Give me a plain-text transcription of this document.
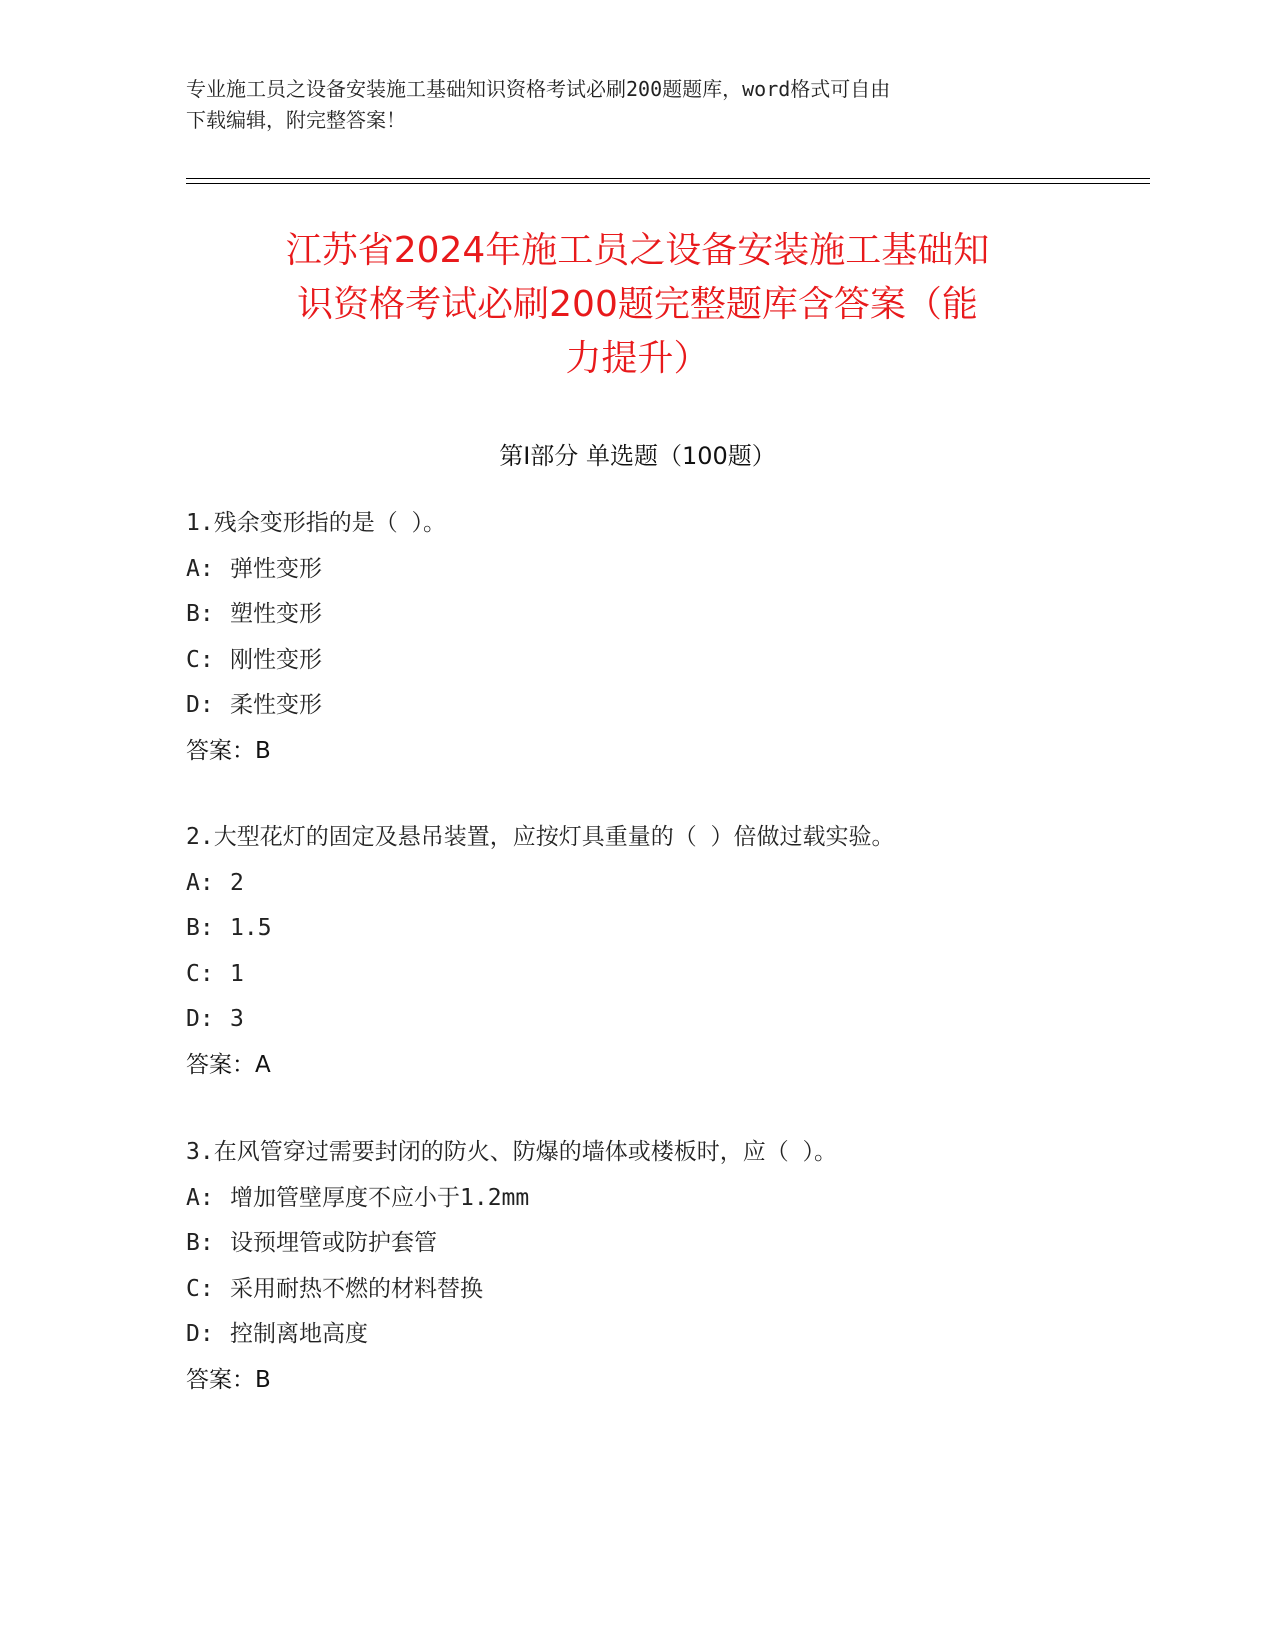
专业施工员之设备安装施工基础知识资格考试必刷200题题库，word格式可自由
下载编辑，附完整答案！
江苏省2024年施工员之设备安装施工基础知
识资格考试必刷200题完整题库含答案（能
力提升）
第I部分 单选题（100题）
1.残余变形指的是（ ）。
A: 弹性变形
B: 塑性变形
C: 刚性变形
D: 柔性变形
答案：B
2.大型花灯的固定及悬吊装置，应按灯具重量的（ ）倍做过载实验。
A: 2
B: 1.5
C: 1
D: 3
答案：A
3.在风管穿过需要封闭的防火、防爆的墙体或楼板时，应（ ）。
A: 增加管壁厚度不应小于1.2mm
B: 设预埋管或防护套管
C: 采用耐热不燃的材料替换
D: 控制离地高度
答案：B
